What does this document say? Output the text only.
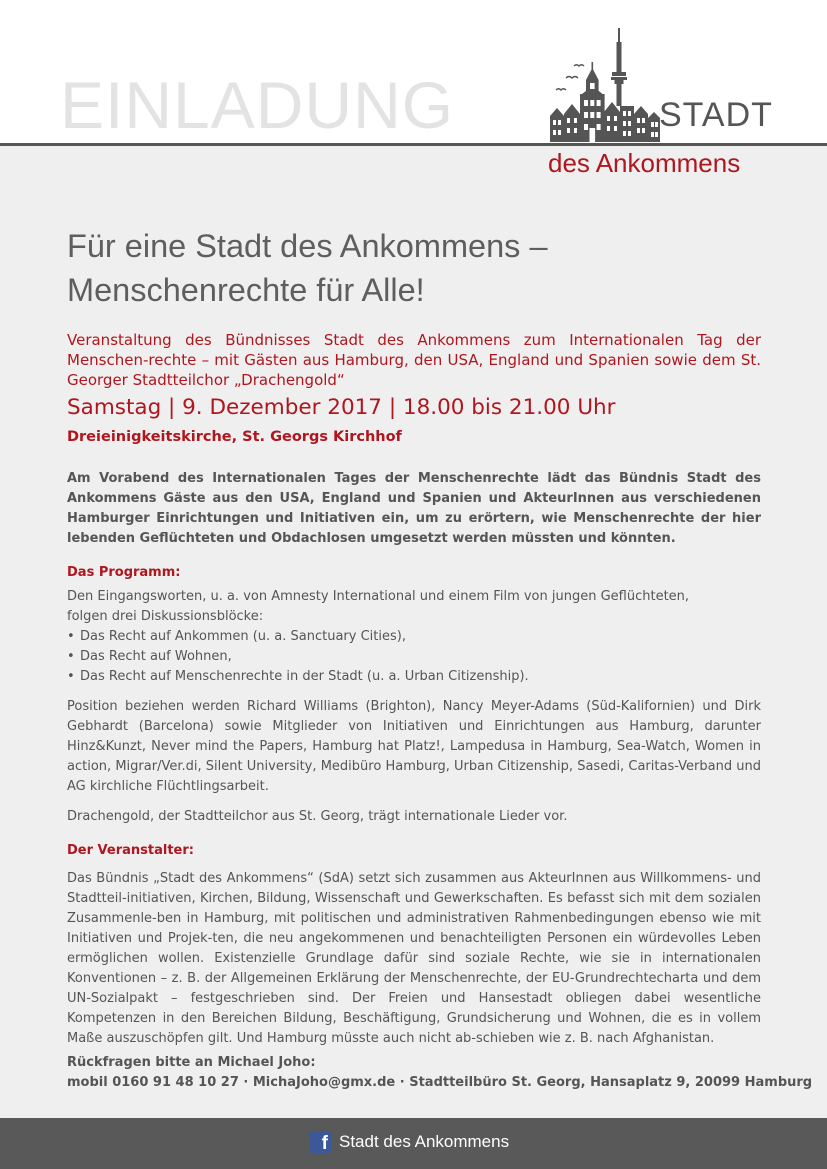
EINLADUNG	STADT
des Ankommens
Für eine Stadt des Ankommens –
Menschenrechte für Alle!

Veranstaltung des Bündnisses Stadt des Ankommens zum Internationalen Tag der Menschen-rechte – mit Gästen aus Hamburg, den USA, England und Spanien sowie dem St. Georger Stadtteilchor „Drachengold“

Samstag | 9. Dezember 2017 | 18.00 bis 21.00 Uhr

Dreieinigkeitskirche, St. Georgs Kirchhof

Am Vorabend des Internationalen Tages der Menschenrechte lädt das Bündnis Stadt des Ankommens Gäste aus den USA, England und Spanien und AkteurInnen aus verschiedenen Hamburger Einrichtungen und Initiativen ein, um zu erörtern, wie Menschenrechte der hier lebenden Geflüchteten und Obdachlosen umgesetzt werden müssten und könnten.

Das Programm:

Den Eingangsworten, u. a. von Amnesty International und einem Film von jungen Geflüchteten,

folgen drei Diskussionsblöcke:

• Das Recht auf Ankommen (u. a. Sanctuary Cities),
• Das Recht auf Wohnen,
• Das Recht auf Menschenrechte in der Stadt (u. a. Urban Citizenship).

Position beziehen werden Richard Williams (Brighton), Nancy Meyer-Adams (Süd-Kalifornien) und Dirk Gebhardt (Barcelona) sowie Mitglieder von Initiativen und Einrichtungen aus Hamburg, darunter Hinz&Kunzt, Never mind the Papers, Hamburg hat Platz!, Lampedusa in Hamburg, Sea-Watch, Women in action, Migrar/Ver.di, Silent University, Medibüro Hamburg, Urban Citizenship, Sasedi, Caritas-Verband und AG kirchliche Flüchtlingsarbeit.

Drachengold, der Stadtteilchor aus St. Georg, trägt internationale Lieder vor.

Der Veranstalter:

Das Bündnis „Stadt des Ankommens“ (SdA) setzt sich zusammen aus AkteurInnen aus Willkommens- und Stadtteil-initiativen, Kirchen, Bildung, Wissenschaft und Gewerkschaften. Es befasst sich mit dem sozialen Zusammenle-ben in Hamburg, mit politischen und administrativen Rahmenbedingungen ebenso wie mit Initiativen und Projek-ten, die neu angekommenen und benachteiligten Personen ein würdevolles Leben ermöglichen wollen. Existenzielle Grundlage dafür sind soziale Rechte, wie sie in internationalen Konventionen – z. B. der Allgemeinen Erklärung der Menschenrechte, der EU-Grundrechtecharta und dem UN-Sozialpakt – festgeschrieben sind. Der Freien und Hansestadt obliegen dabei wesentliche Kompetenzen in den Bereichen Bildung, Beschäftigung, Grundsicherung und Wohnen, die es in vollem Maße auszuschöpfen gilt. Und Hamburg müsste auch nicht ab-schieben wie z. B. nach Afghanistan.

Rückfragen bitte an Michael Joho:

mobil 0160 91 48 10 27 · MichaJoho@gmx.de · Stadtteilbüro St. Georg, Hansaplatz 9, 20099 Hamburg

f Stadt des Ankommens
